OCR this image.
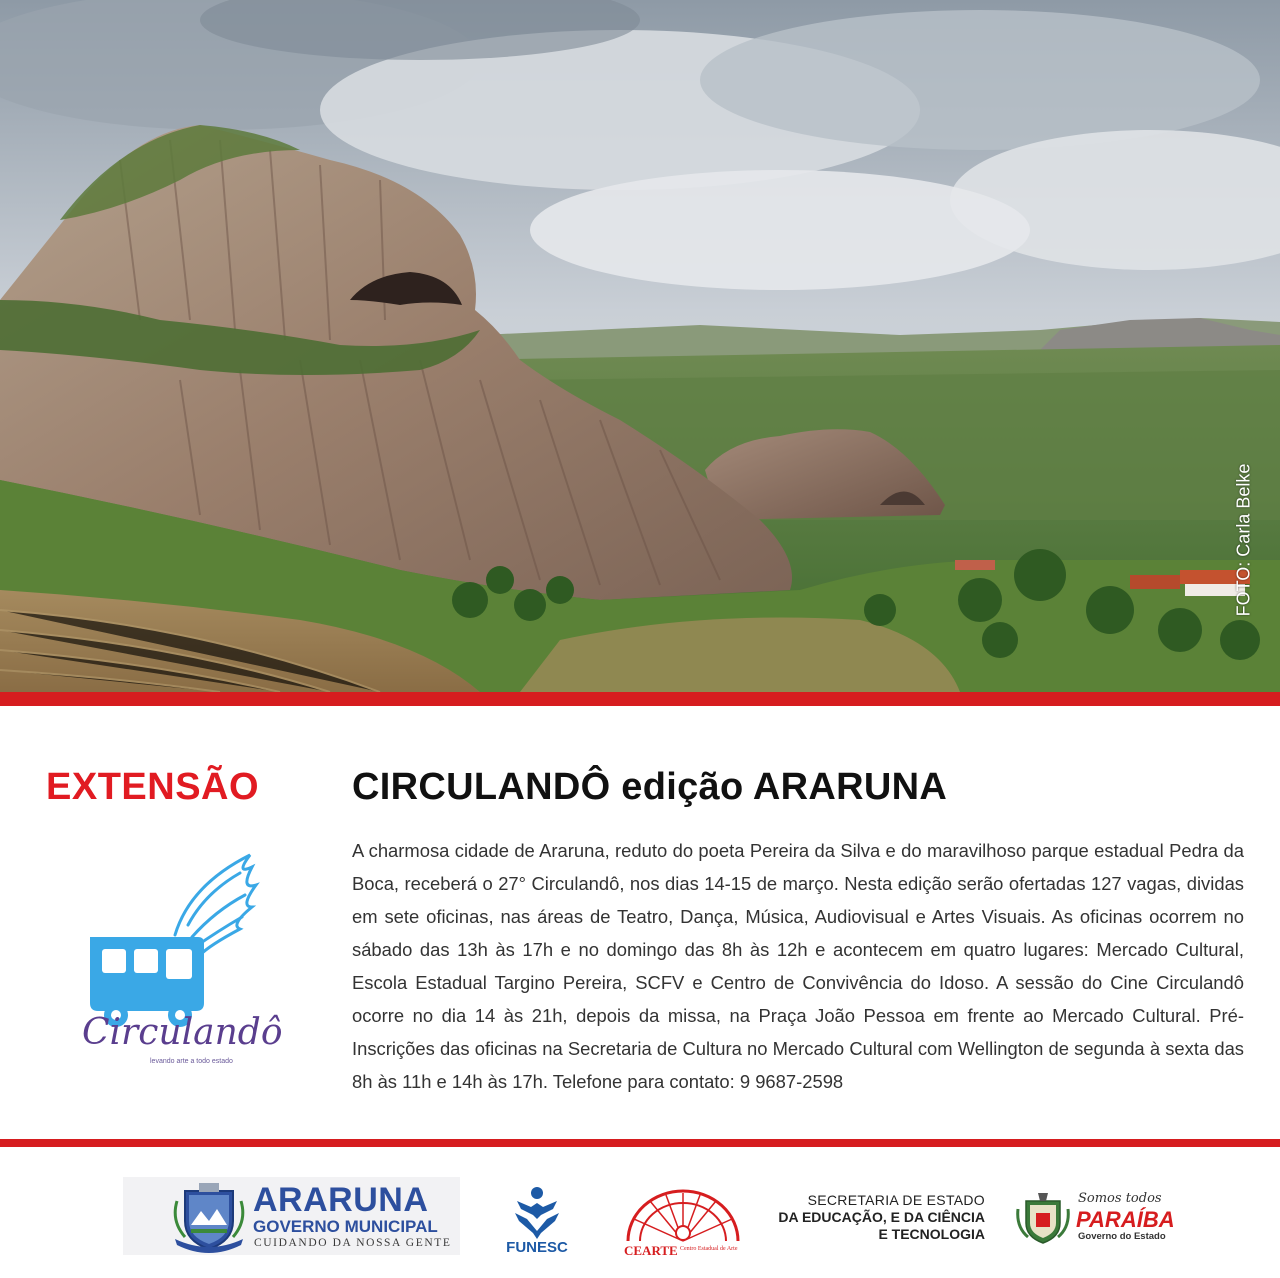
FOTO: Carla Belke
EXTENSÃO CIRCULANDÔ edição ARARUNA

A charmosa cidade de Araruna, reduto do poeta Pereira da Silva e do maravilhoso parque estadual Pedra da Boca, receberá o 27° Circulandô, nos dias 14-15 de março. Nesta edição serão ofertadas 127 vagas, dividas em sete oficinas, nas áreas de Teatro, Dança, Música, Audiovisual e Artes Visuais. As oficinas ocorrem no sábado das 13h às 17h e no domingo das 8h às 12h e acontecem em quatro lugares: Mercado Cultural, Escola Estadual Targino Pereira, SCFV e Centro de Convivência do Idoso. A sessão do Cine Circulandô ocorre no dia 14 às 21h, depois da missa, na Praça João Pessoa em frente ao Mercado Cultural. Pré-Inscrições das oficinas na Secretaria de Cultura no Mercado Cultural com Wellington de segunda à sexta das 8h às 11h e 14h às 17h. Telefone para contato: 9 9687-2598

Circulandô
levando arte a todo estado
ARARUNA
GOVERNO MUNICIPAL
CUIDANDO DA NOSSA GENTE	FUNESC	CEARTE Centro Estadual de Arte
SECRETARIA DE ESTADO
DA EDUCAÇÃO, E DA CIÊNCIA
E TECNOLOGIA
Somos todos
PARAÍBA
Governo do Estado
